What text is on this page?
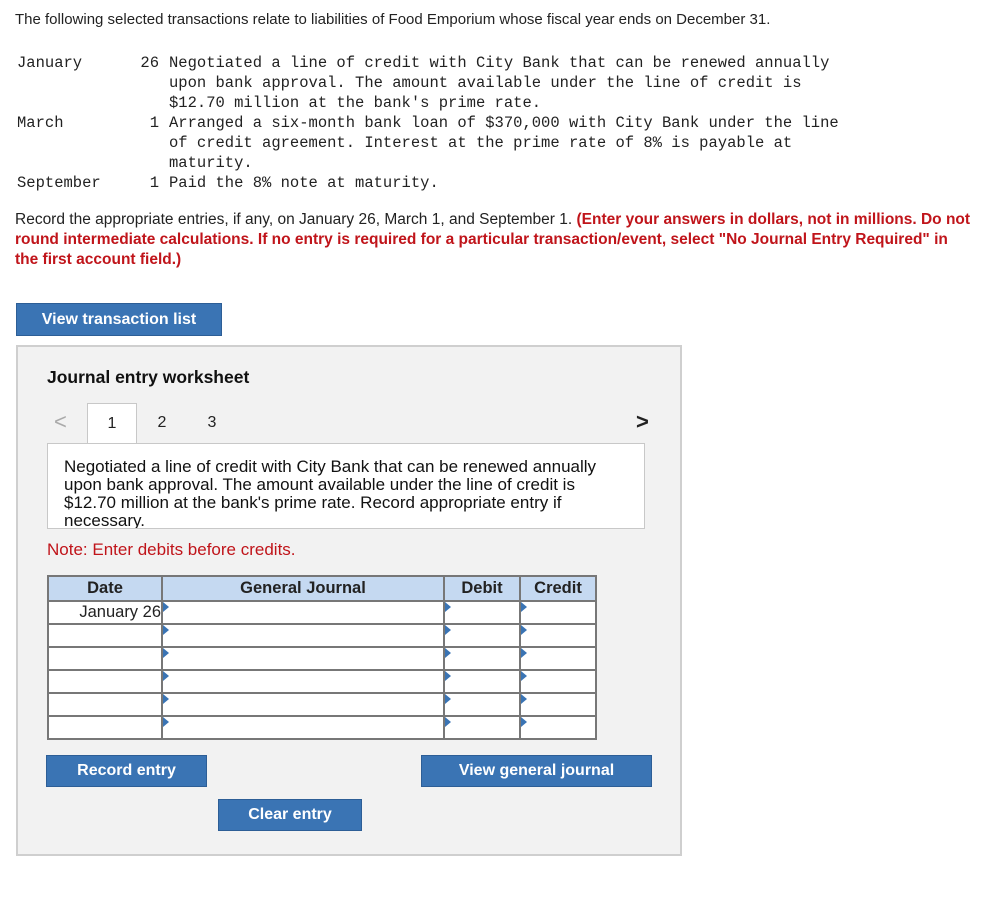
The following selected transactions relate to liabilities of Food Emporium whose fiscal year ends on December 31.
January	26 Negotiated a line of credit with City Bank that can be renewed annually
upon bank approval. The amount available under the line of credit is
$12.70 million at the bank's prime rate.
March	1 Arranged a six-month bank loan of $370,000 with City Bank under the line
of credit agreement. Interest at the prime rate of 8% is payable at
maturity.
September	1 Paid the 8% note at maturity.
Record the appropriate entries, if any, on January 26, March 1, and September 1. (Enter your answers in dollars, not in millions. Do not round intermediate calculations. If no entry is required for a particular transaction/event, select "No Journal Entry Required" in the first account field.)
View transaction list
Journal entry worksheet
<	1	2	3	>
Negotiated a line of credit with City Bank that can be renewed annually upon bank approval. The amount available under the line of credit is $12.70 million at the bank's prime rate. Record appropriate entry if necessary.
Note: Enter debits before credits.
Date	General Journal	Debit	Credit
January 26	

Record entry	View general journal
Clear entry
